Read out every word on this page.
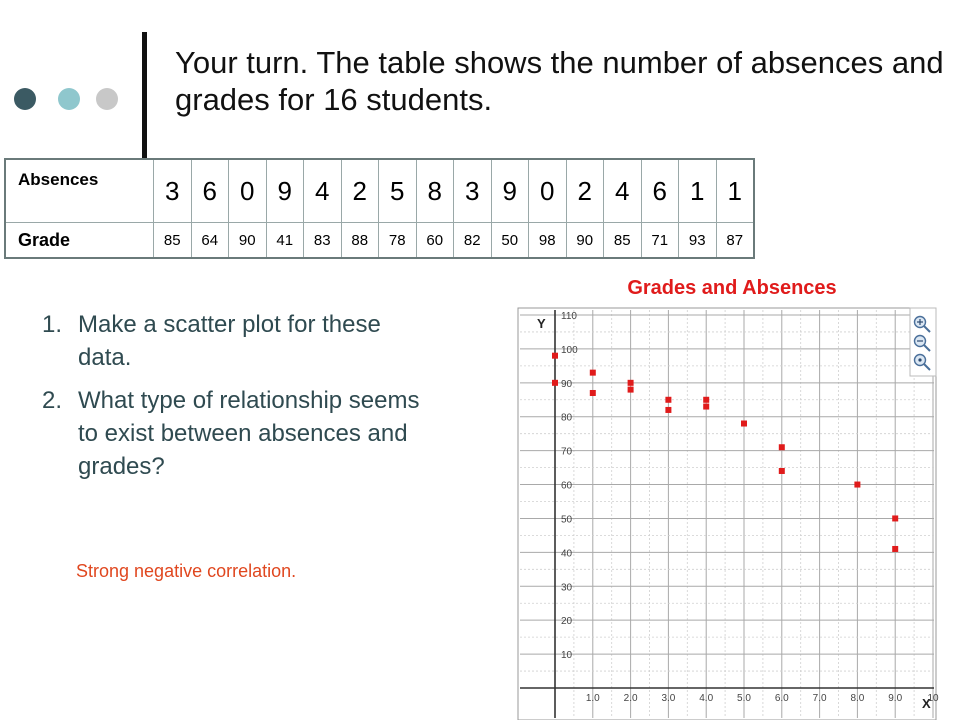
Your turn. The table shows the number of absences and grades for 16 students.
Absences	3	6	0	9	4	2	5	8	3	9	0	2	4	6	1	1
Grade	85	64	90	41	83	88	78	60	82	50	98	90	85	71	93	87
1. Make a scatter plot for these data.
2. What type of relationship seems to exist between absences and grades?
Strong negative correlation.
Grades and Absences
Y
X
10
20
30
40
50
60
70
80
90
100
110
1.0 2.0 3.0 4.0 5.0 6.0 7.0 8.0 9.0	10
